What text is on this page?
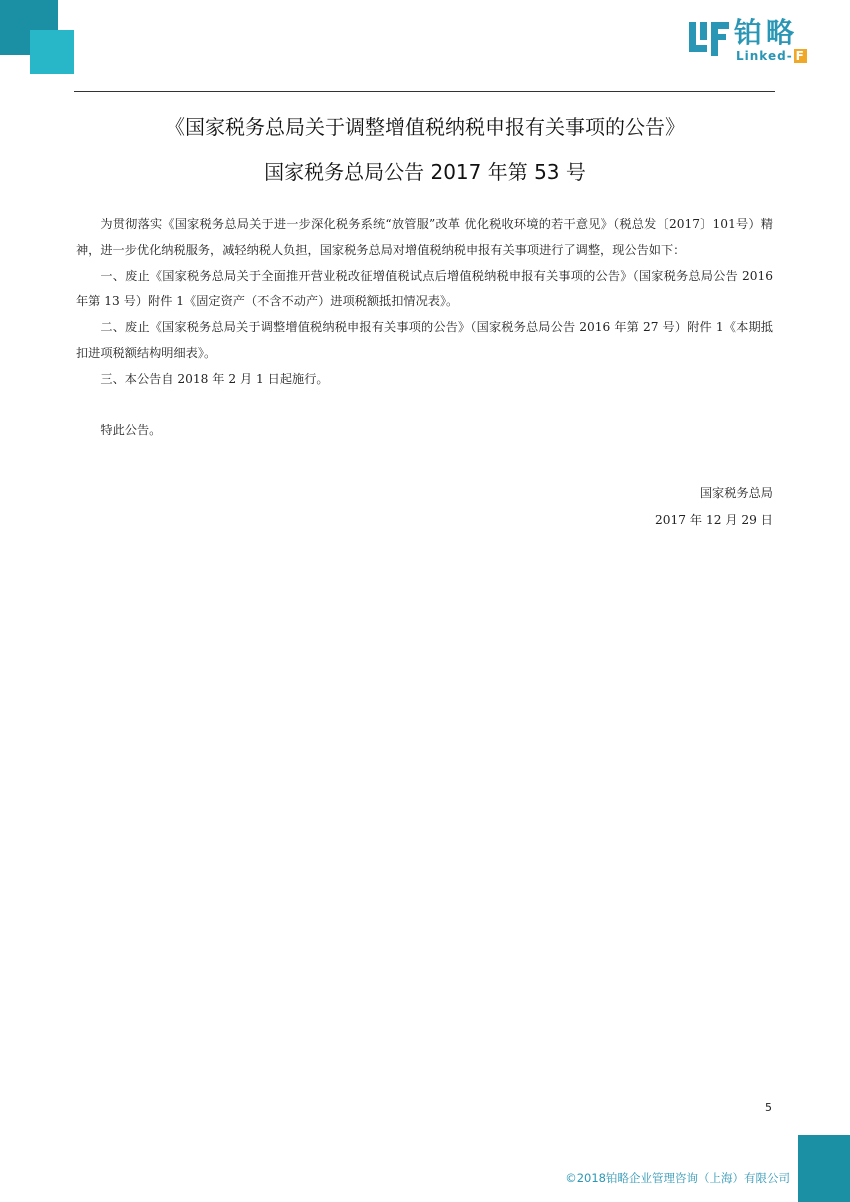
铂略
Linked- F
《国家税务总局关于调整增值税纳税申报有关事项的公告》
国家税务总局公告 2017 年第 53 号

为贯彻落实《国家税务总局关于进一步深化税务系统“放管服”改革 优化税收环境的若干意见》（税总发〔2017〕101号）精神，进一步优化纳税服务，减轻纳税人负担，国家税务总局对增值税纳税申报有关事项进行了调整，现公告如下：

一、废止《国家税务总局关于全面推开营业税改征增值税试点后增值税纳税申报有关事项的公告》（国家税务总局公告 2016 年第 13 号）附件 1《固定资产（不含不动产）进项税额抵扣情况表》。

二、废止《国家税务总局关于调整增值税纳税申报有关事项的公告》（国家税务总局公告 2016 年第 27 号）附件 1《本期抵扣进项税额结构明细表》。

三、本公告自 2018 年 2 月 1 日起施行。

特此公告。

国家税务总局
2017 年 12 月 29 日
5
©2018铂略企业管理咨询（上海）有限公司
